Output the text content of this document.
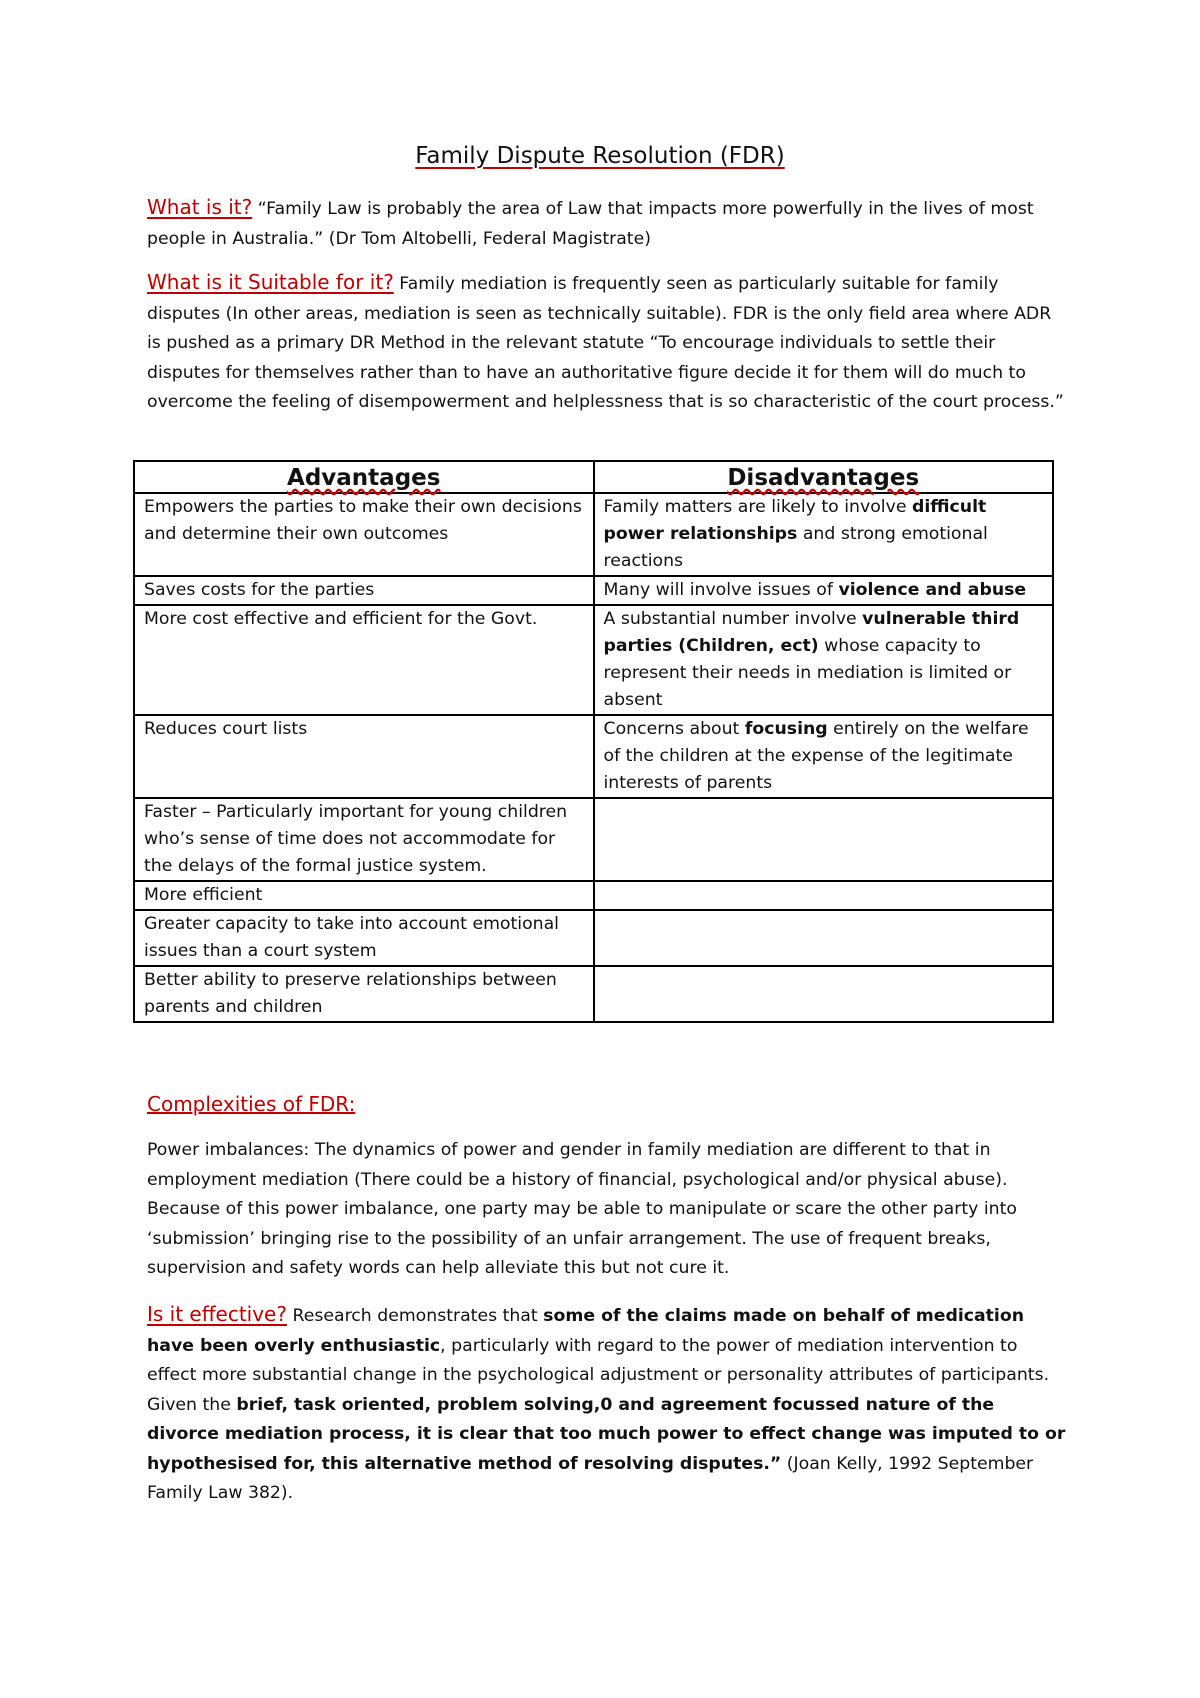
Family Dispute Resolution (FDR)
What is it? “Family Law is probably the area of Law that impacts more powerfully in the lives of most people in Australia.” (Dr Tom Altobelli, Federal Magistrate)
What is it Suitable for it? Family mediation is frequently seen as particularly suitable for family disputes (In other areas, mediation is seen as technically suitable). FDR is the only field area where ADR is pushed as a primary DR Method in the relevant statute “To encourage individuals to settle their disputes for themselves rather than to have an authoritative figure decide it for them will do much to overcome the feeling of disempowerment and helplessness that is so characteristic of the court process.”
Advantages	Disadvantages
Empowers the parties to make their own decisions and determine their own outcomes	Family matters are likely to involve difficult power relationships and strong emotional reactions
Saves costs for the parties	Many will involve issues of violence and abuse
More cost effective and efficient for the Govt.	A substantial number involve vulnerable third parties (Children, ect) whose capacity to represent their needs in mediation is limited or absent
Reduces court lists	Concerns about focusing entirely on the welfare of the children at the expense of the legitimate interests of parents
Faster – Particularly important for young children who’s sense of time does not accommodate for the delays of the formal justice system.	
More efficient	
Greater capacity to take into account emotional issues than a court system	
Better ability to preserve relationships between parents and children	
Complexities of FDR:
Power imbalances: The dynamics of power and gender in family mediation are different to that in employment mediation (There could be a history of financial, psychological and/or physical abuse). Because of this power imbalance, one party may be able to manipulate or scare the other party into ‘submission’ bringing rise to the possibility of an unfair arrangement. The use of frequent breaks, supervision and safety words can help alleviate this but not cure it.
Is it effective? Research demonstrates that some of the claims made on behalf of medication have been overly enthusiastic, particularly with regard to the power of mediation intervention to effect more substantial change in the psychological adjustment or personality attributes of participants. Given the brief, task oriented, problem solving,0 and agreement focussed nature of the divorce mediation process, it is clear that too much power to effect change was imputed to or hypothesised for, this alternative method of resolving disputes.” (Joan Kelly, 1992 September Family Law 382).
